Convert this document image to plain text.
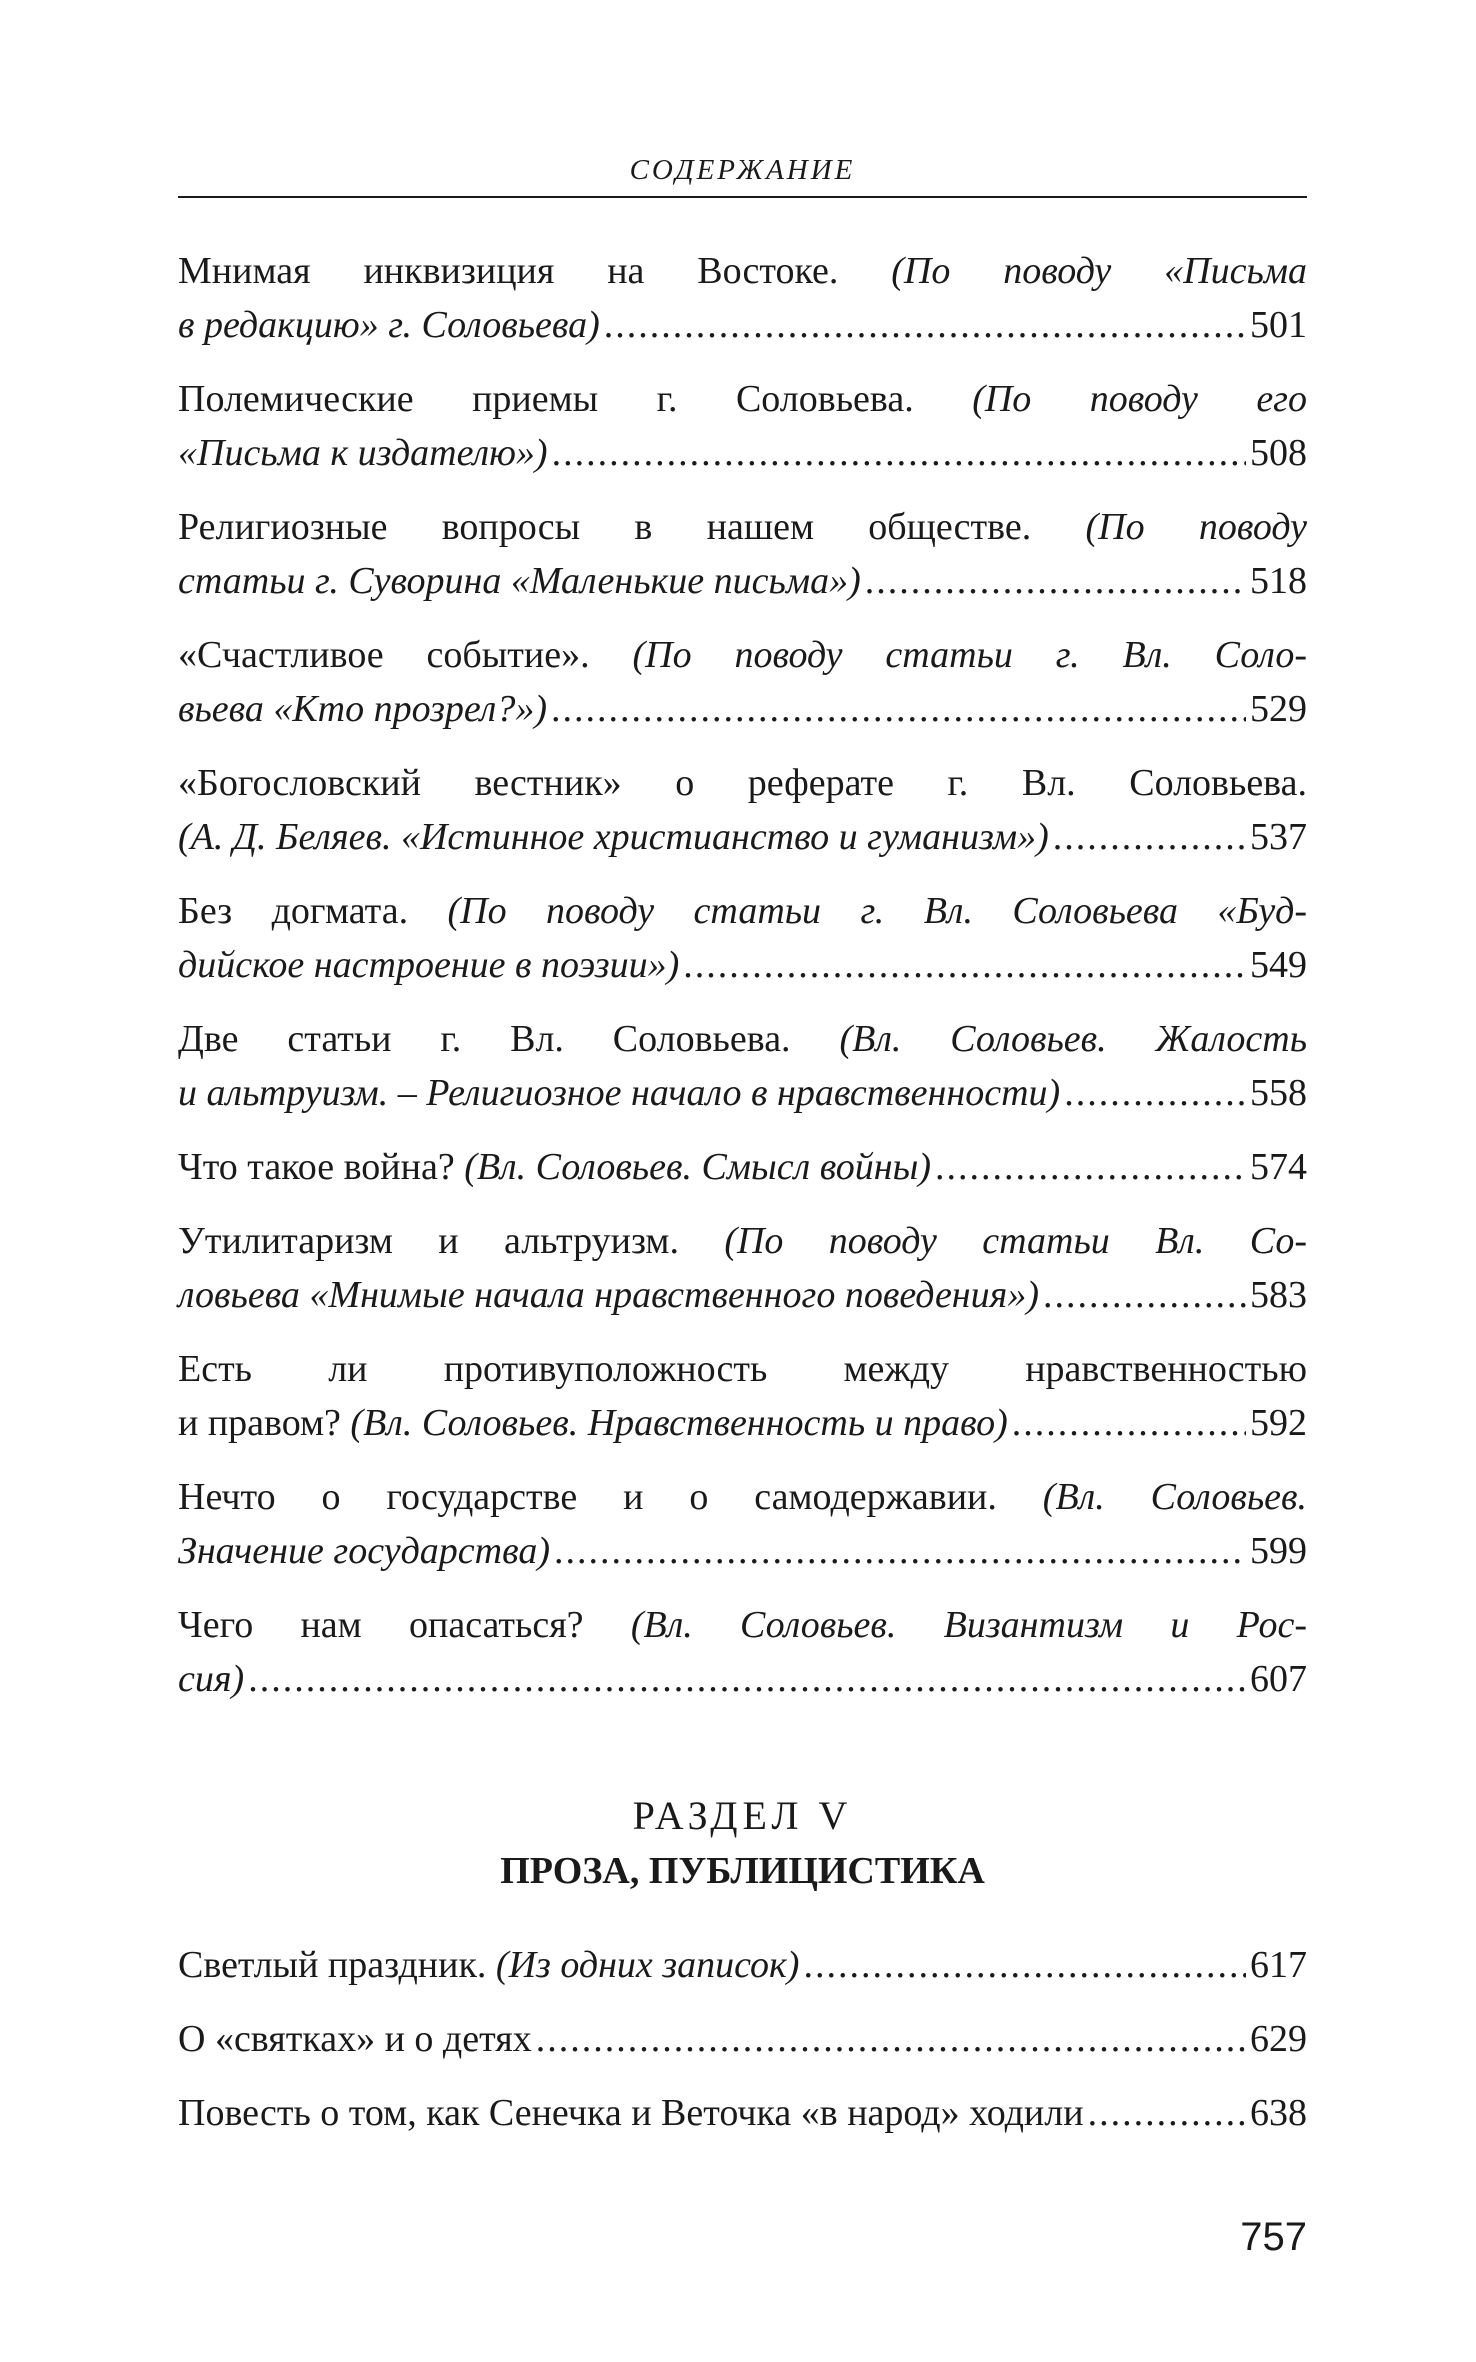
СОДЕРЖАНИЕ
Мнимая инквизиция на Востоке. (По поводу «Письма
в редакцию» г. Соловьева) .....	501
Полемические приемы г. Соловьева. (По поводу его
«Письма к издателю») .....	508
Религиозные вопросы в нашем обществе. (По поводу
статьи г. Суворина «Маленькие письма») .....	518
«Счастливое событие». (По поводу статьи г. Вл. Соло-
вьева «Кто прозрел?») .....	529
«Богословский вестник» о реферате г. Вл. Соловьева.
(А. Д. Беляев. «Истинное христианство и гуманизм») .....	537
Без догмата. (По поводу статьи г. Вл. Соловьева «Буд-
дийское настроение в поэзии») .....	549
Две статьи г. Вл. Соловьева. (Вл. Соловьев. Жалость
и альтруизм. – Религиозное начало в нравственности) .....	558
Что такое война? (Вл. Соловьев. Смысл войны) .....	574
Утилитаризм и альтруизм. (По поводу статьи Вл. Со-
ловьева «Мнимые начала нравственного поведения») .....	583
Есть ли противуположность между нравственностью
и правом? (Вл. Соловьев. Нравственность и право) .....	592
Нечто о государстве и о самодержавии. (Вл. Соловьев.
Значение государства) .....	599
Чего нам опасаться? (Вл. Соловьев. Византизм и Рос-
сия) .....	607
РАЗДЕЛ V
ПРОЗА, ПУБЛИЦИСТИКА
Светлый праздник. (Из одних записок) .....	617
О «святках» и о детях .....	629
Повесть о том, как Сенечка и Веточка «в народ» ходили .....	638
757
